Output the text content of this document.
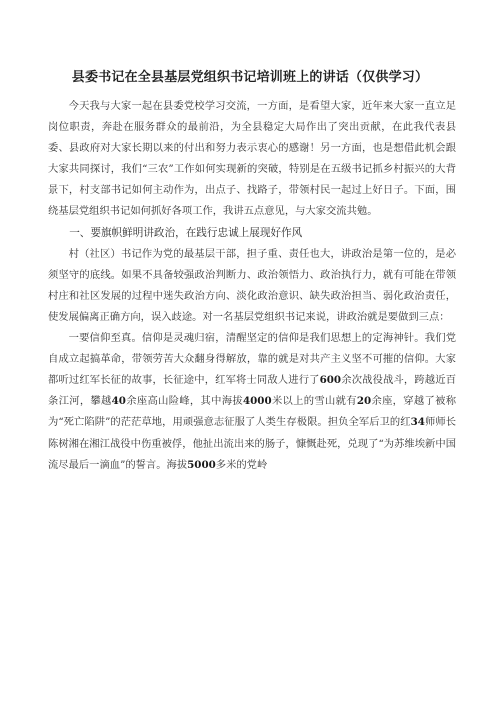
县委书记在全县基层党组织书记培训班上的讲话（仅供学习）

今天我与大家一起在县委党校学习交流，一方面，是看望大家，近年来大家一直立足岗位职责，奔赴在服务群众的最前沿，为全县稳定大局作出了突出贡献，在此我代表县委、县政府对大家长期以来的付出和努力表示衷心的感谢！另一方面，也是想借此机会跟大家共同探讨，我们“三农”工作如何实现新的突破，特别是在五级书记抓乡村振兴的大背景下，村支部书记如何主动作为，出点子、找路子，带领村民一起过上好日子。下面，围绕基层党组织书记如何抓好各项工作，我讲五点意见，与大家交流共勉。

一、要旗帜鲜明讲政治，在践行忠诚上展现好作风

村（社区）书记作为党的最基层干部，担子重、责任也大，讲政治是第一位的，是必须坚守的底线。如果不具备较强政治判断力、政治领悟力、政治执行力，就有可能在带领村庄和社区发展的过程中迷失政治方向、淡化政治意识、缺失政治担当、弱化政治责任，使发展偏离正确方向，误入歧途。对一名基层党组织书记来说，讲政治就是要做到三点：

一要信仰至真。信仰是灵魂归宿，清醒坚定的信仰是我们思想上的定海神针。我们党自成立起搞革命，带领劳苦大众翻身得解放，靠的就是对共产主义坚不可摧的信仰。大家都听过红军长征的故事，长征途中，红军将士同敌人进行了600余次战役战斗，跨越近百条江河，攀越40余座高山险峰，其中海拔4000米以上的雪山就有20余座，穿越了被称为“死亡陷阱”的茫茫草地，用顽强意志征服了人类生存极限。担负全军后卫的红34师师长陈树湘在湘江战役中伤重被俘，他扯出流出来的肠子，慷慨赴死，兑现了“为苏维埃新中国流尽最后一滴血”的誓言。海拔5000多米的党岭
